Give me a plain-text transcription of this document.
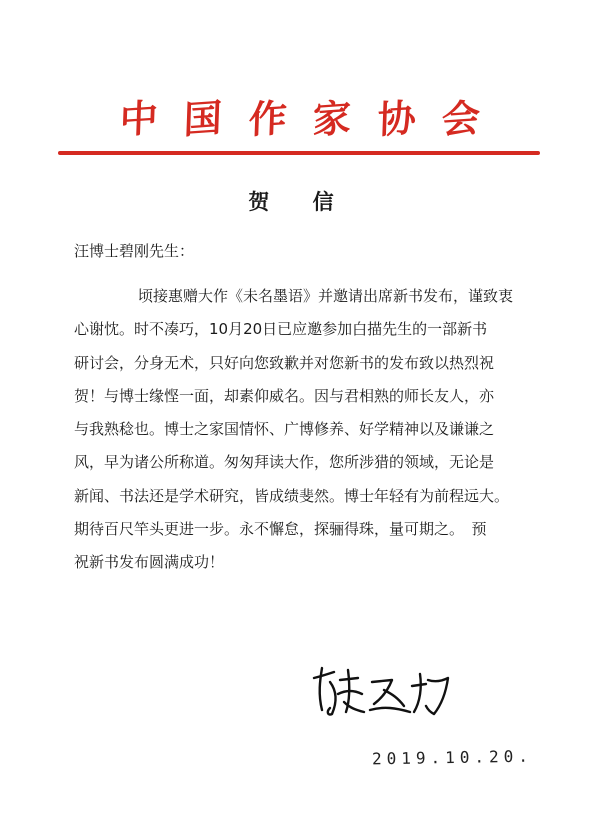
中 国 作 家 协 会
贺 信
汪博士碧刚先生：
顷接惠赠大作《未名墨语》并邀请出席新书发布，谨致衷
心谢忱。时不凑巧，10月20日已应邀参加白描先生的一部新书
研讨会，分身无术，只好向您致歉并对您新书的发布致以热烈祝
贺！与博士缘悭一面，却素仰威名。因与君相熟的师长友人，亦
与我熟稔也。博士之家国情怀、广博修养、好学精神以及谦谦之
风，早为诸公所称道。匆匆拜读大作，您所涉猎的领域，无论是
新闻、书法还是学术研究，皆成绩斐然。博士年轻有为前程远大。
期待百尺竿头更进一步。永不懈怠，探骊得珠，量可期之。　预
祝新书发布圆满成功！
2019.10.20.
